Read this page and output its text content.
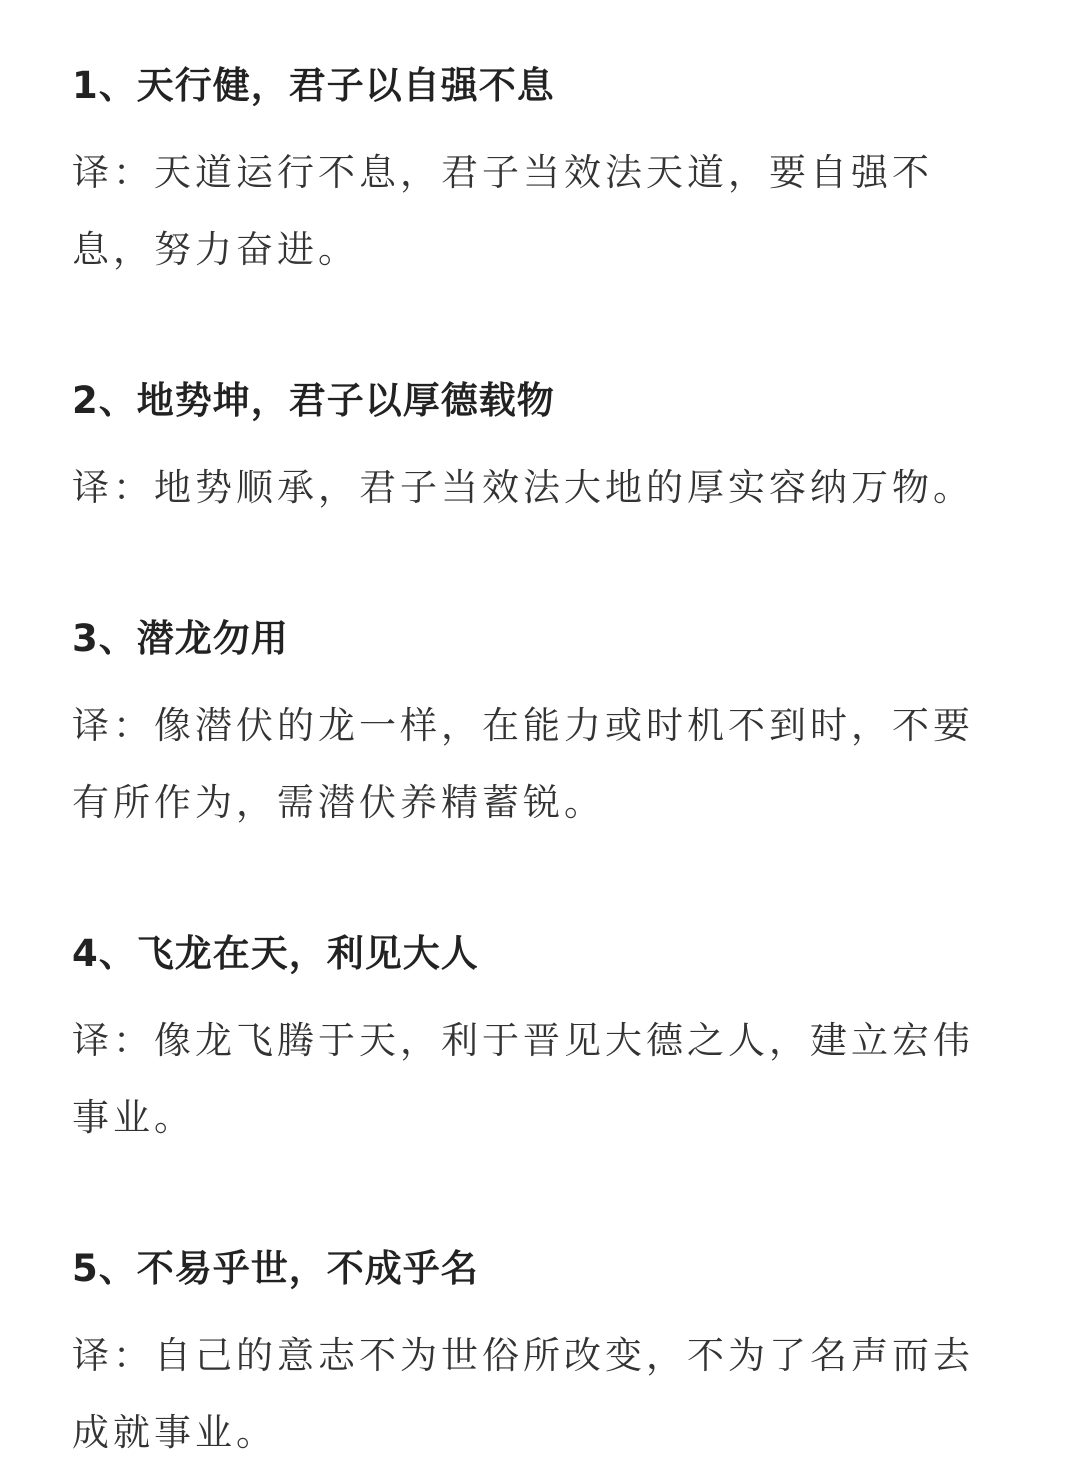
1、天行健，君子以自强不息
译：天道运行不息，君子当效法天道，要自强不息，努力奋进。
2、地势坤，君子以厚德载物
译：地势顺承，君子当效法大地的厚实容纳万物。
3、潜龙勿用
译：像潜伏的龙一样，在能力或时机不到时，不要有所作为，需潜伏养精蓄锐。
4、飞龙在天，利见大人
译：像龙飞腾于天，利于晋见大德之人，建立宏伟事业。
5、不易乎世，不成乎名
译：自己的意志不为世俗所改变，不为了名声而去成就事业。
